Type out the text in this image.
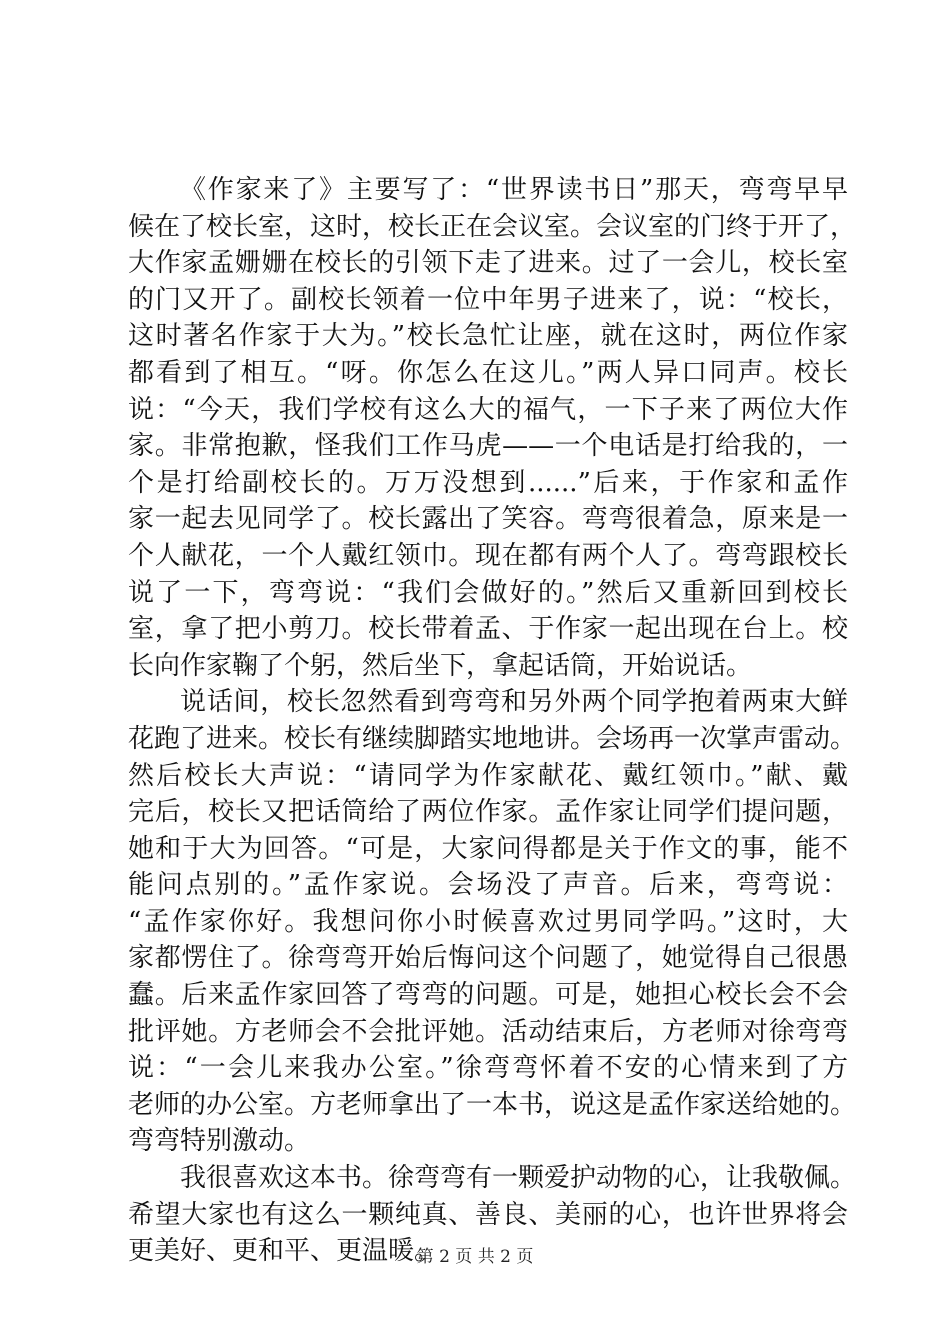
《作家来了》主要写了：“世界读书日”那天，弯弯早早
候在了校长室，这时，校长正在会议室。会议室的门终于开了，
大作家孟姗姗在校长的引领下走了进来。过了一会儿，校长室
的门又开了。副校长领着一位中年男子进来了，说：“校长，
这时著名作家于大为。”校长急忙让座，就在这时，两位作家
都看到了相互。“呀。你怎么在这儿。”两人异口同声。校长
说：“今天，我们学校有这么大的福气，一下子来了两位大作
家。非常抱歉，怪我们工作马虎——一个电话是打给我的，一
个是打给副校长的。万万没想到......”后来，于作家和孟作
家一起去见同学了。校长露出了笑容。弯弯很着急，原来是一
个人献花，一个人戴红领巾。现在都有两个人了。弯弯跟校长
说了一下，弯弯说：“我们会做好的。”然后又重新回到校长
室，拿了把小剪刀。校长带着孟、于作家一起出现在台上。校
长向作家鞠了个躬，然后坐下，拿起话筒，开始说话。
说话间，校长忽然看到弯弯和另外两个同学抱着两束大鲜
花跑了进来。校长有继续脚踏实地地讲。会场再一次掌声雷动。
然后校长大声说：“请同学为作家献花、戴红领巾。”献、戴
完后，校长又把话筒给了两位作家。孟作家让同学们提问题，
她和于大为回答。“可是，大家问得都是关于作文的事，能不
能问点别的。”孟作家说。会场没了声音。后来，弯弯说：
“孟作家你好。我想问你小时候喜欢过男同学吗。”这时，大
家都愣住了。徐弯弯开始后悔问这个问题了，她觉得自己很愚
蠢。后来孟作家回答了弯弯的问题。可是，她担心校长会不会
批评她。方老师会不会批评她。活动结束后，方老师对徐弯弯
说：“一会儿来我办公室。”徐弯弯怀着不安的心情来到了方
老师的办公室。方老师拿出了一本书，说这是孟作家送给她的。
弯弯特别激动。
我很喜欢这本书。徐弯弯有一颗爱护动物的心，让我敬佩。
希望大家也有这么一颗纯真、善良、美丽的心，也许世界将会
更美好、更和平、更温暖。
第 2 页 共 2 页
